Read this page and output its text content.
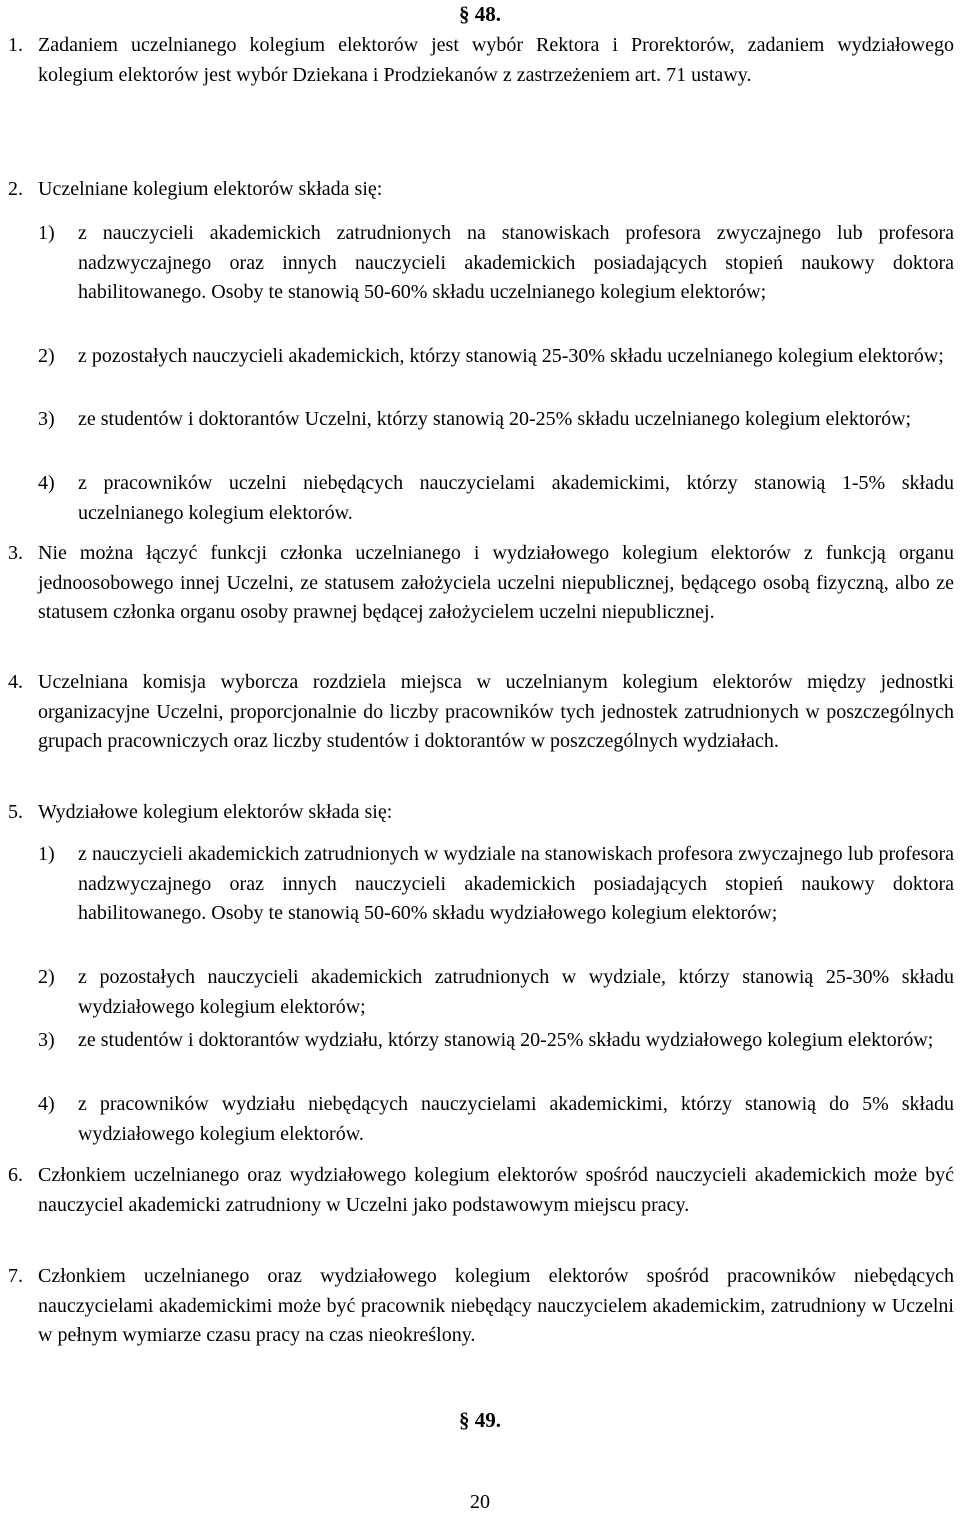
§ 48.
1. Zadaniem uczelnianego kolegium elektorów jest wybór Rektora i Prorektorów, zadaniem wydziałowego kolegium elektorów jest wybór Dziekana i Prodziekanów z zastrzeżeniem art. 71 ustawy.
2. Uczelniane kolegium elektorów składa się:
1) z nauczycieli akademickich zatrudnionych na stanowiskach profesora zwyczajnego lub profesora nadzwyczajnego oraz innych nauczycieli akademickich posiadających stopień naukowy doktora habilitowanego. Osoby te stanowią 50-60% składu uczelnianego kolegium elektorów;
2) z pozostałych nauczycieli akademickich, którzy stanowią 25-30% składu uczelnianego kolegium elektorów;
3) ze studentów i doktorantów Uczelni, którzy stanowią 20-25% składu uczelnianego kolegium elektorów;
4) z pracowników uczelni niebędących nauczycielami akademickimi, którzy stanowią 1-5% składu uczelnianego kolegium elektorów.
3. Nie można łączyć funkcji członka uczelnianego i wydziałowego kolegium elektorów z funkcją organu jednoosobowego innej Uczelni, ze statusem założyciela uczelni niepublicznej, będącego osobą fizyczną, albo ze statusem członka organu osoby prawnej będącej założycielem uczelni niepublicznej.
4. Uczelniana komisja wyborcza rozdziela miejsca w uczelnianym kolegium elektorów między jednostki organizacyjne Uczelni, proporcjonalnie do liczby pracowników tych jednostek zatrudnionych w poszczególnych grupach pracowniczych oraz liczby studentów i doktorantów w poszczególnych wydziałach.
5. Wydziałowe kolegium elektorów składa się:
1) z nauczycieli akademickich zatrudnionych w wydziale na stanowiskach profesora zwyczajnego lub profesora nadzwyczajnego oraz innych nauczycieli akademickich posiadających stopień naukowy doktora habilitowanego. Osoby te stanowią 50-60% składu wydziałowego kolegium elektorów;
2) z pozostałych nauczycieli akademickich zatrudnionych w wydziale, którzy stanowią 25-30% składu wydziałowego kolegium elektorów;
3) ze studentów i doktorantów wydziału, którzy stanowią 20-25% składu wydziałowego kolegium elektorów;
4) z pracowników wydziału niebędących nauczycielami akademickimi, którzy stanowią do 5% składu wydziałowego kolegium elektorów.
6. Członkiem uczelnianego oraz wydziałowego kolegium elektorów spośród nauczycieli akademickich może być nauczyciel akademicki zatrudniony w Uczelni jako podstawowym miejscu pracy.
7. Członkiem uczelnianego oraz wydziałowego kolegium elektorów spośród pracowników niebędących nauczycielami akademickimi może być pracownik niebędący nauczycielem akademickim, zatrudniony w Uczelni w pełnym wymiarze czasu pracy na czas nieokreślony.
§ 49.
20
